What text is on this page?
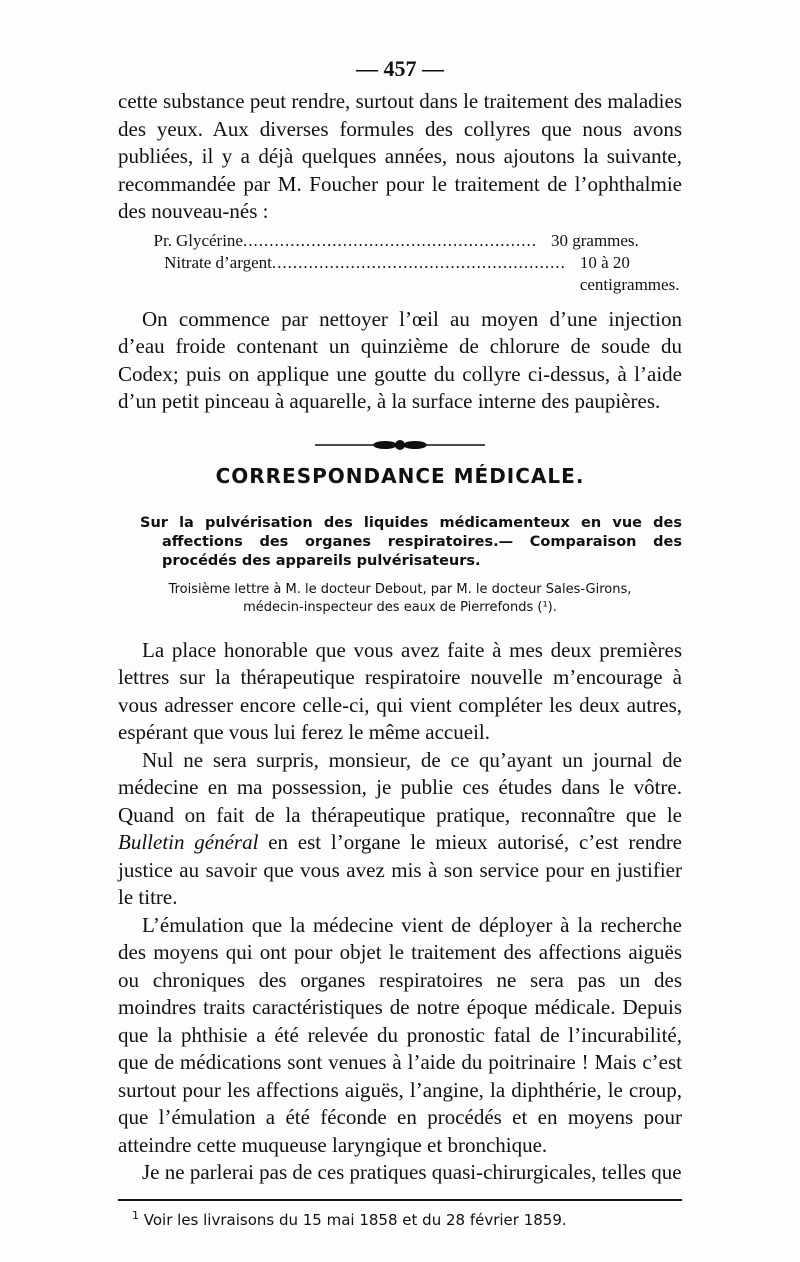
— 457 —

cette substance peut rendre, surtout dans le traitement des maladies des yeux. Aux diverses formules des collyres que nous avons publiées, il y a déjà quelques années, nous ajoutons la suivante, recommandée par M. Foucher pour le traitement de l’ophthalmie des nouveau-nés :

Pr. Glycérine ........................................................ 30 grammes.
Nitrate d’argent ........................................................ 10 à 20 centigrammes.

On commence par nettoyer l’œil au moyen d’une injection d’eau froide contenant un quinzième de chlorure de soude du Codex; puis on applique une goutte du collyre ci-dessus, à l’aide d’un petit pinceau à aquarelle, à la surface interne des paupières.

CORRESPONDANCE MÉDICALE.

Sur la pulvérisation des liquides médicamenteux en vue des affections des organes respiratoires.— Comparaison des procédés des appareils pulvérisateurs.

Troisième lettre à M. le docteur Debout, par M. le docteur Sales-Girons,
médecin-inspecteur des eaux de Pierrefonds (¹).

La place honorable que vous avez faite à mes deux premières lettres sur la thérapeutique respiratoire nouvelle m’encourage à vous adresser encore celle-ci, qui vient compléter les deux autres, espérant que vous lui ferez le même accueil.

Nul ne sera surpris, monsieur, de ce qu’ayant un journal de médecine en ma possession, je publie ces études dans le vôtre. Quand on fait de la thérapeutique pratique, reconnaître que le Bulletin général en est l’organe le mieux autorisé, c’est rendre justice au savoir que vous avez mis à son service pour en justifier le titre.

L’émulation que la médecine vient de déployer à la recherche des moyens qui ont pour objet le traitement des affections aiguës ou chroniques des organes respiratoires ne sera pas un des moindres traits caractéristiques de notre époque médicale. Depuis que la phthisie a été relevée du pronostic fatal de l’incurabilité, que de médications sont venues à l’aide du poitrinaire ! Mais c’est surtout pour les affections aiguës, l’angine, la diphthérie, le croup, que l’émulation a été féconde en procédés et en moyens pour atteindre cette muqueuse laryngique et bronchique.

Je ne parlerai pas de ces pratiques quasi-chirurgicales, telles que

$^1$ Voir les livraisons du 15 mai 1858 et du 28 février 1859.
